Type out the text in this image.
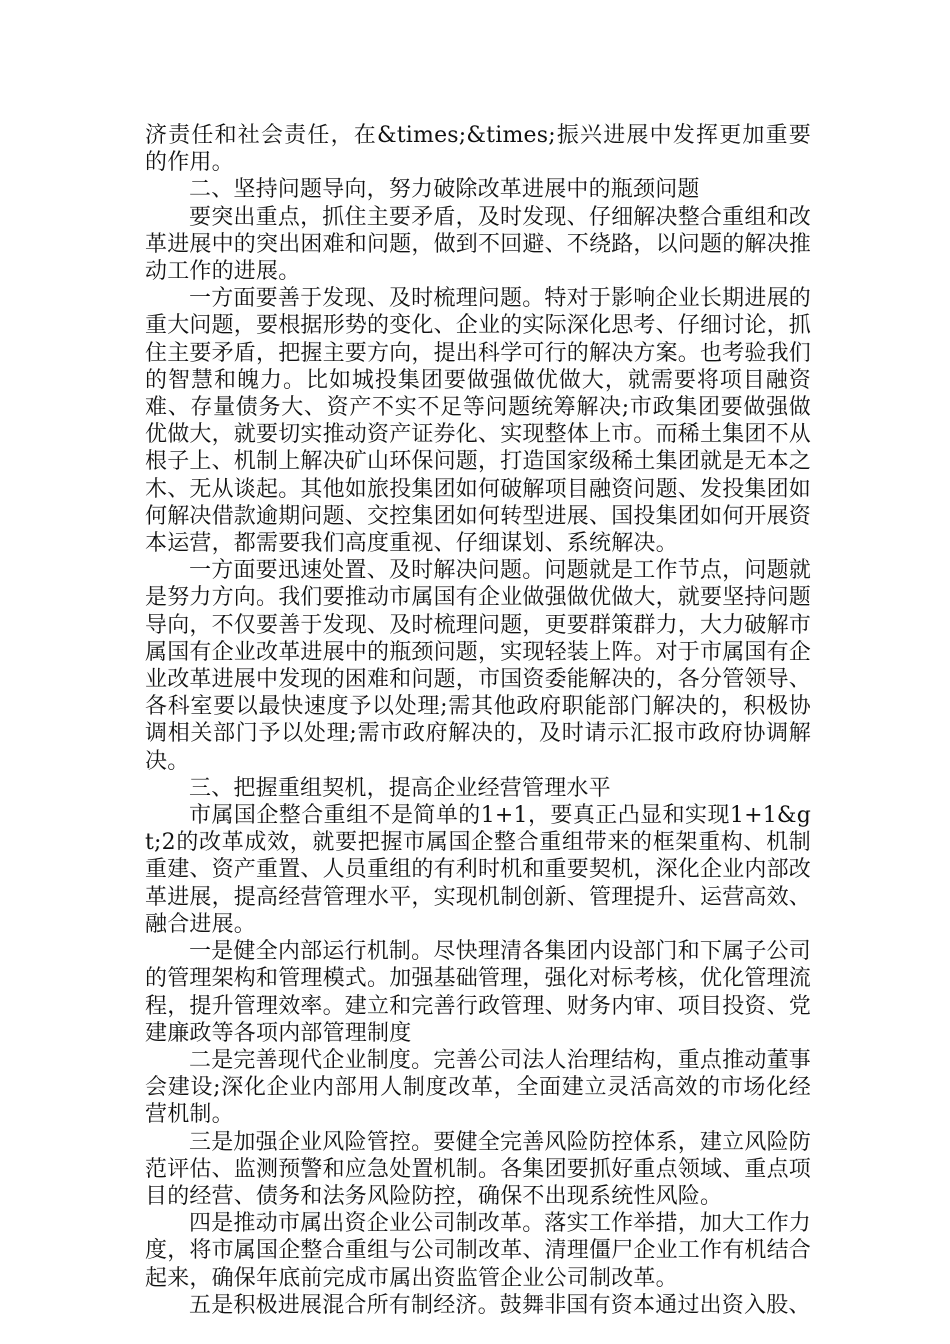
济责任和社会责任，在&times;&times;振兴进展中发挥更加重要的作用。

二、坚持问题导向，努力破除改革进展中的瓶颈问题

要突出重点，抓住主要矛盾，及时发现、仔细解决整合重组和改革进展中的突出困难和问题，做到不回避、不绕路，以问题的解决推动工作的进展。

一方面要善于发现、及时梳理问题。特对于影响企业长期进展的重大问题，要根据形势的变化、企业的实际深化思考、仔细讨论，抓住主要矛盾，把握主要方向，提出科学可行的解决方案。也考验我们的智慧和魄力。比如城投集团要做强做优做大，就需要将项目融资难、存量债务大、资产不实不足等问题统筹解决;市政集团要做强做优做大，就要切实推动资产证券化、实现整体上市。而稀土集团不从根子上、机制上解决矿山环保问题，打造国家级稀土集团就是无本之木、无从谈起。其他如旅投集团如何破解项目融资问题、发投集团如何解决借款逾期问题、交控集团如何转型进展、国投集团如何开展资本运营，都需要我们高度重视、仔细谋划、系统解决。

一方面要迅速处置、及时解决问题。问题就是工作节点，问题就是努力方向。我们要推动市属国有企业做强做优做大，就要坚持问题导向，不仅要善于发现、及时梳理问题，更要群策群力，大力破解市属国有企业改革进展中的瓶颈问题，实现轻装上阵。对于市属国有企业改革进展中发现的困难和问题，市国资委能解决的，各分管领导、各科室要以最快速度予以处理;需其他政府职能部门解决的，积极协调相关部门予以处理;需市政府解决的，及时请示汇报市政府协调解决。

三、把握重组契机，提高企业经营管理水平

市属国企整合重组不是简单的1+1，要真正凸显和实现1+1&gt;2的改革成效，就要把握市属国企整合重组带来的框架重构、机制重建、资产重置、人员重组的有利时机和重要契机，深化企业内部改革进展，提高经营管理水平，实现机制创新、管理提升、运营高效、融合进展。

一是健全内部运行机制。尽快理清各集团内设部门和下属子公司的管理架构和管理模式。加强基础管理，强化对标考核，优化管理流程，提升管理效率。建立和完善行政管理、财务内审、项目投资、党建廉政等各项内部管理制度

二是完善现代企业制度。完善公司法人治理结构，重点推动董事会建设;深化企业内部用人制度改革，全面建立灵活高效的市场化经营机制。

三是加强企业风险管控。要健全完善风险防控体系，建立风险防范评估、监测预警和应急处置机制。各集团要抓好重点领域、重点项目的经营、债务和法务风险防控，确保不出现系统性风险。

四是推动市属出资企业公司制改革。落实工作举措，加大工作力度，将市属国企整合重组与公司制改革、清理僵尸企业工作有机结合起来，确保年底前完成市属出资监管企业公司制改革。

五是积极进展混合所有制经济。鼓舞非国有资本通过出资入股、
